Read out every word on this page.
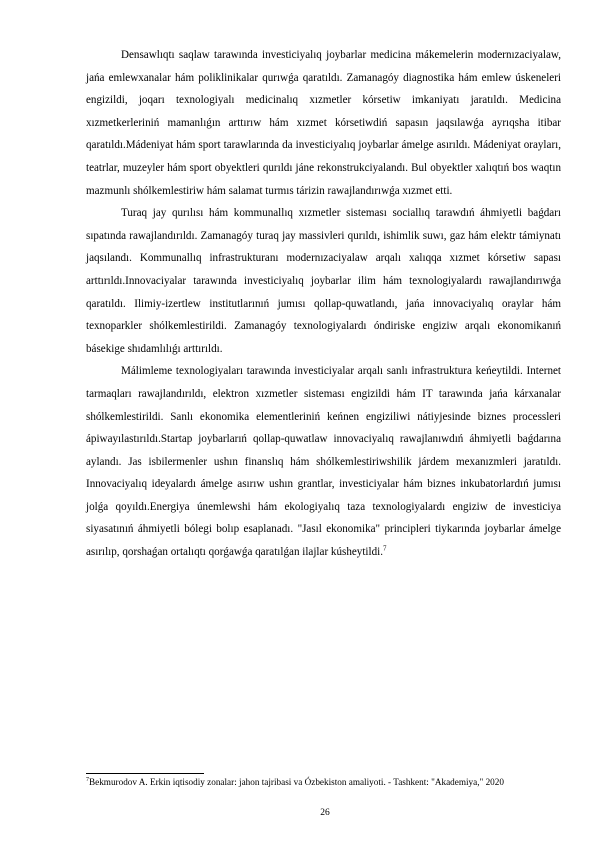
Densawlıqtı saqlaw tarawında investiciyalıq joybarlar medicina mákemelerin modernızaciyalaw, jańa emlewxanalar hám poliklinikalar qurıwǵa qaratıldı. Zamanagóy diagnostika hám emlew úskeneleri engizildi, joqarı texnologiyalı medicinalıq xızmetler kórsetiw imkaniyatı jaratıldı. Medicina xızmetkerleriniń mamanlıǵın arttırıw hám xızmet kórsetiwdiń sapasın jaqsılawǵa ayrıqsha itibar qaratıldı.Mádeniyat hám sport tarawlarında da investiciyalıq joybarlar ámelge asırıldı. Mádeniyat orayları, teatrlar, muzeyler hám sport obyektleri qurıldı jáne rekonstrukciyalandı. Bul obyektler xalıqtıń bos waqtın mazmunlı shólkemlestiriw hám salamat turmıs tárizin rawajlandırıwǵa xızmet etti.

Turaq jay qurılısı hám kommunallıq xızmetler sisteması sociallıq tarawdıń áhmiyetli baǵdarı sıpatında rawajlandırıldı. Zamanagóy turaq jay massivleri qurıldı, ishimlik suwı, gaz hám elektr támiynatı jaqsılandı. Kommunallıq infrastrukturanı modernızaciyalaw arqalı xalıqqa xızmet kórsetiw sapası arttırıldı.Innovaciyalar tarawında investiciyalıq joybarlar ilim hám texnologiyalardı rawajlandırıwǵa qaratıldı. Ilimiy-izertlew institutlarınıń jumısı qollap-quwatlandı, jańa innovaciyalıq oraylar hám texnoparkler shólkemlestirildi. Zamanagóy texnologiyalardı óndiriske engiziw arqalı ekonomikanıń básekige shıdamlılıǵı arttırıldı.

Málimleme texnologiyaları tarawında investiciyalar arqalı sanlı infrastruktura keńeytildi. Internet tarmaqları rawajlandırıldı, elektron xızmetler sisteması engizildi hám IT tarawında jańa kárxanalar shólkemlestirildi. Sanlı ekonomika elementleriniń keńnen engiziliwi nátiyjesinde biznes processleri ápiwayılastırıldı.Startap joybarlarıń qollap-quwatlaw innovaciyalıq rawajlanıwdıń áhmiyetli baǵdarına aylandı. Jas isbilermenler ushın finanslıq hám shólkemlestiriwshilik járdem mexanızmleri jaratıldı. Innovaciyalıq ideyalardı ámelge asırıw ushın grantlar, investiciyalar hám biznes inkubatorlardıń jumısı jolǵa qoyıldı.Energiya únemlewshi hám ekologiyalıq taza texnologiyalardı engiziw de investiciya siyasatınıń áhmiyetli bólegi bolıp esaplanadı. "Jasıl ekonomika" principleri tiykarında joybarlar ámelge asırılıp, qorshaǵan ortalıqtı qorǵawǵa qaratılǵan ilajlar kúsheytildi.$^7$

$^7$Bekmurodov A. Erkin iqtisodiy zonalar: jahon tajribasi va Ózbekiston amaliyoti. - Tashkent: "Akademiya," 2020
26
